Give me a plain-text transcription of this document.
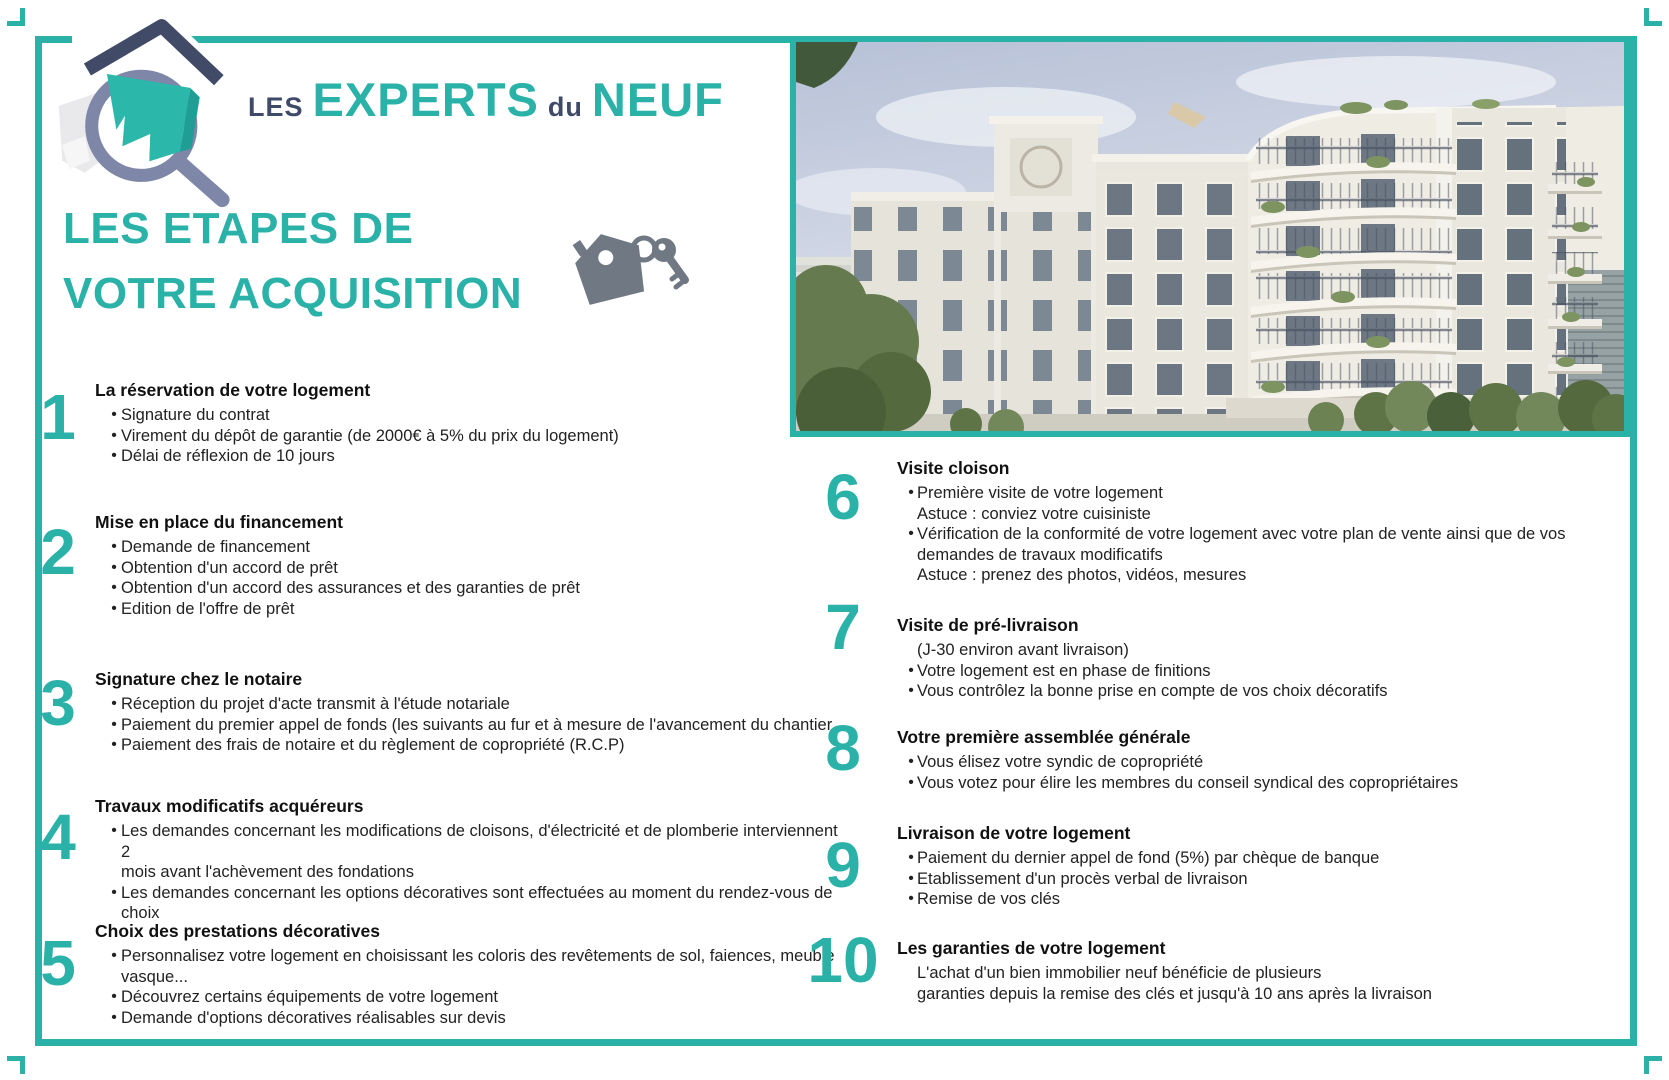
LES EXPERTS du NEUF
LES ETAPES DE
VOTRE ACQUISITION
1	La réservation de votre logement
• Signature du contrat
• Virement du dépôt de garantie (de 2000€ à 5% du prix du logement)
• Délai de réflexion de 10 jours
2	Mise en place du financement
• Demande de financement
• Obtention d'un accord de prêt
• Obtention d'un accord des assurances et des garanties de prêt
• Edition de l'offre de prêt
3	Signature chez le notaire
• Réception du projet d'acte transmit à l'étude notariale
• Paiement du premier appel de fonds (les suivants au fur et à mesure de l'avancement du chantier
• Paiement des frais de notaire et du règlement de copropriété (R.C.P)
4	Travaux modificatifs acquéreurs
• Les demandes concernant les modifications de cloisons, d'électricité et de plomberie interviennent 2
mois avant l'achèvement des fondations
• Les demandes concernant les options décoratives sont effectuées au moment du rendez-vous de choix
5	Choix des prestations décoratives
• Personnalisez votre logement en choisissant les coloris des revêtements de sol, faiences, meuble
vasque...
• Découvrez certains équipements de votre logement
• Demande d'options décoratives réalisables sur devis
6	Visite cloison
• Première visite de votre logement
Astuce : conviez votre cuisiniste
• Vérification de la conformité de votre logement avec votre plan de vente ainsi que de vos
demandes de travaux modificatifs
Astuce : prenez des photos, vidéos, mesures
7	Visite de pré-livraison
(J-30 environ avant livraison)
• Votre logement est en phase de finitions
• Vous contrôlez la bonne prise en compte de vos choix décoratifs
8	Votre première assemblée générale
• Vous élisez votre syndic de copropriété
• Vous votez pour élire les membres du conseil syndical des copropriétaires
9	Livraison de votre logement
• Paiement du dernier appel de fond (5%) par chèque de banque
• Etablissement d'un procès verbal de livraison
• Remise de vos clés
10	Les garanties de votre logement
L'achat d'un bien immobilier neuf bénéficie de plusieurs
garanties depuis la remise des clés et jusqu'à 10 ans après la livraison
